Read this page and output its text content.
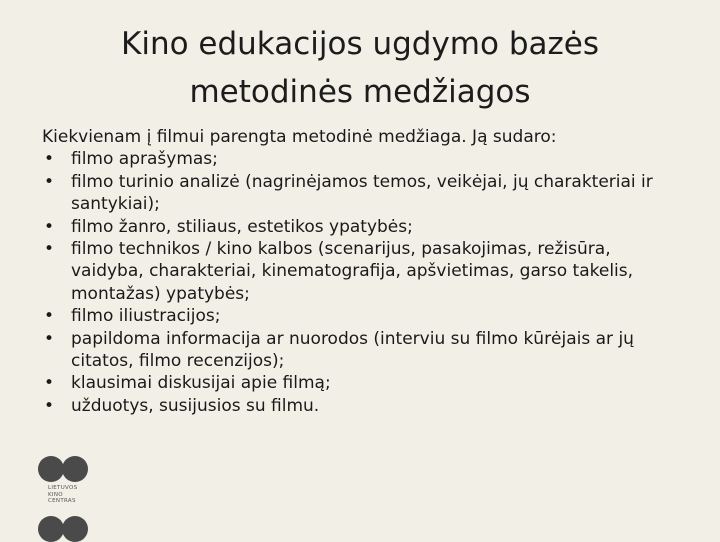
Kino edukacijos ugdymo bazės
metodinės medžiagos

Kiekvienam į filmui parengta metodinė medžiaga. Ją sudaro:

• filmo aprašymas;
• filmo turinio analizė (nagrinėjamos temos, veikėjai, jų charakteriai ir santykiai);
• filmo žanro, stiliaus, estetikos ypatybės;
• filmo technikos / kino kalbos (scenarijus, pasakojimas, režisūra, vaidyba, charakteriai, kinematografija, apšvietimas, garso takelis, montažas) ypatybės;
• filmo iliustracijos;
• papildoma informacija ar nuorodos (interviu su filmo kūrėjais ar jų citatos, filmo recenzijos);
• klausimai diskusijai apie filmą;
• užduotys, susijusios su filmu.
LIETUVOS
KINO
CENTRAS
